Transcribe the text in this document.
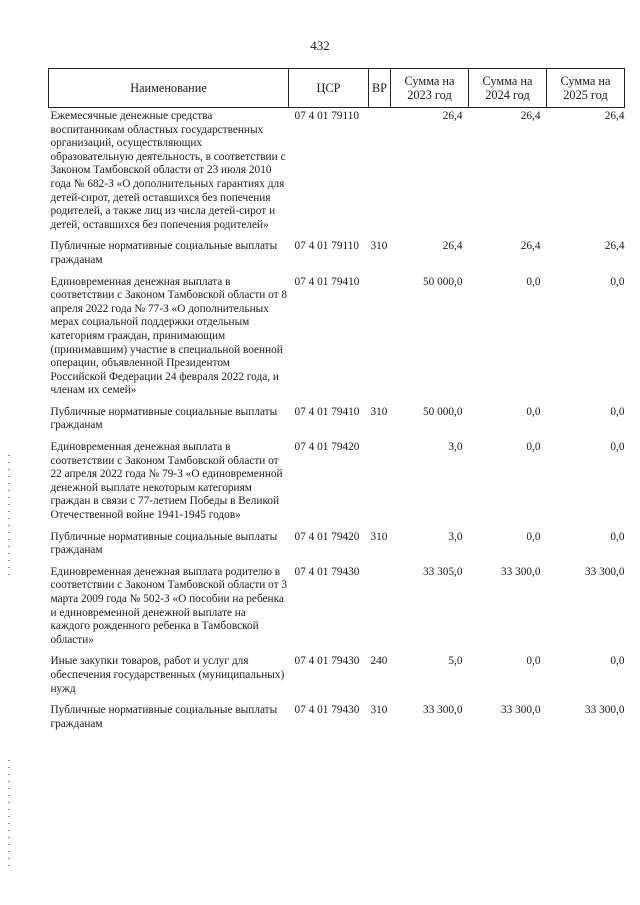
432
Наименование	ЦСР	ВР	Сумма на 2023 год	Сумма на 2024 год	Сумма на 2025 год
Ежемесячные денежные средства воспитанникам областных государственных организаций, осуществляющих образовательную деятельность, в соответствии с Законом Тамбовской области от 23 июля 2010 года № 682-З «О дополнительных гарантиях для детей-сирот, детей оставшихся без попечения родителей, а также лиц из числа детей-сирот и детей, оставшихся без попечения родителей»	07 4 01 79110		26,4	26,4	26,4
Публичные нормативные социальные выплаты гражданам	07 4 01 79110	310	26,4	26,4	26,4
Единовременная денежная выплата в соответствии с Законом Тамбовской области от 8 апреля 2022 года № 77-З «О дополнительных мерах социальной поддержки отдельным категориям граждан, принимающим (принимавшим) участие в специальной военной операции, объявленной Президентом Российской Федерации 24 февраля 2022 года, и членам их семей»	07 4 01 79410		50 000,0	0,0	0,0
Публичные нормативные социальные выплаты гражданам	07 4 01 79410	310	50 000,0	0,0	0,0
Единовременная денежная выплата в соответствии с Законом Тамбовской области от 22 апреля 2022 года № 79-З «О единовременной денежной выплате некоторым категориям граждан в связи с 77-летием Победы в Великой Отечественной войне 1941-1945 годов»	07 4 01 79420		3,0	0,0	0,0
Публичные нормативные социальные выплаты гражданам	07 4 01 79420	310	3,0	0,0	0,0
Единовременная денежная выплата родителю в соответствии с Законом Тамбовской области от 3 марта 2009 года № 502-З «О пособии на ребенка и единовременной денежной выплате на каждого рожденного ребенка в Тамбовской области»	07 4 01 79430		33 305,0	33 300,0	33 300,0
Иные закупки товаров, работ и услуг для обеспечения государственных (муниципальных) нужд	07 4 01 79430	240	5,0	0,0	0,0
Публичные нормативные социальные выплаты гражданам	07 4 01 79430	310	33 300,0	33 300,0	33 300,0
